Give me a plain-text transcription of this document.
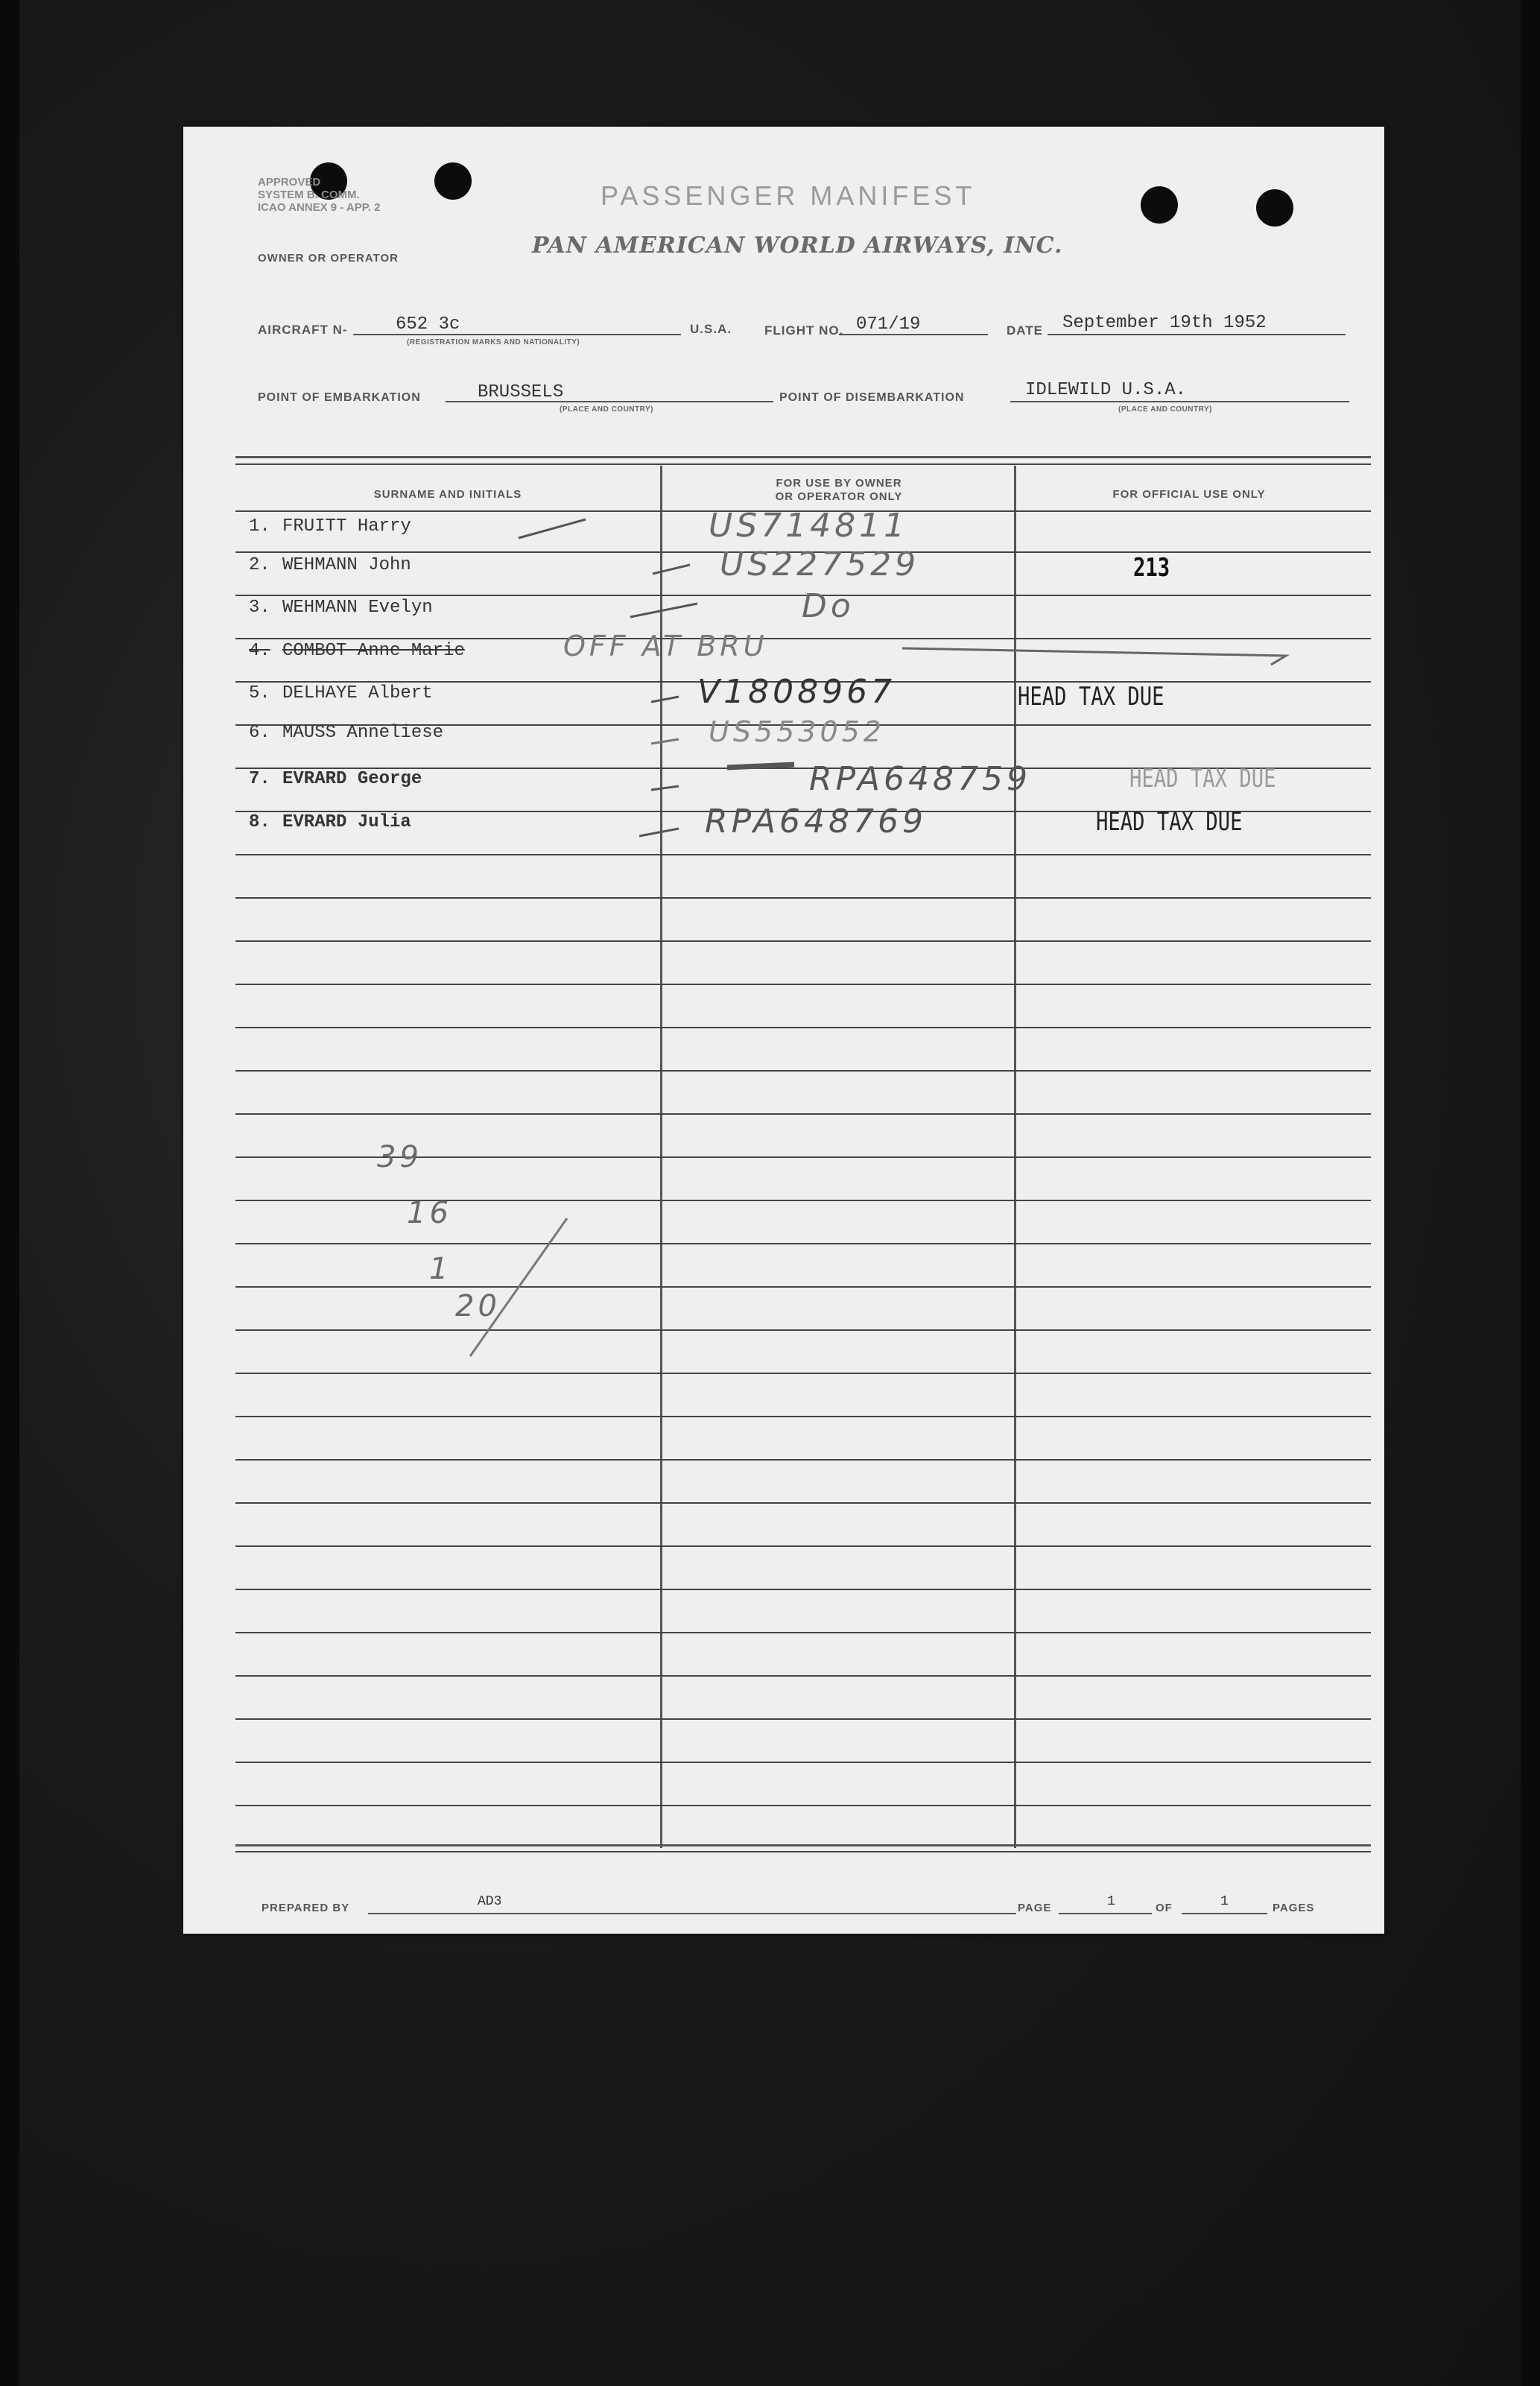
APPROVED
SYSTEM B. COMM.
ICAO ANNEX 9 - APP. 2
OWNER OR OPERATOR
PASSENGER MANIFEST
PAN AMERICAN WORLD AIRWAYS, INC.
AIRCRAFT N-	652 3c
(REGISTRATION MARKS AND NATIONALITY)
U.S.A.	FLIGHT NO. 071/19	DATE September 19th 1952
POINT OF EMBARKATION	BRUSSELS
(PLACE AND COUNTRY)
POINT OF DISEMBARKATION	IDLEWILD U.S.A.
(PLACE AND COUNTRY)
SURNAME AND INITIALS
FOR USE BY OWNER
OR OPERATOR ONLY	FOR OFFICIAL USE ONLY
1. FRUITT Harry	US714811
2. WEHMANN John	US227529	213
3. WEHMANN Evelyn	Do
4. COMBOT Anne Marie	OFF AT BRU
5. DELHAYE Albert	V1808967	HEAD TAX DUE
6. MAUSS Anneliese	US553052
7. EVRARD George	RPA648759	HEAD TAX DUE
8. EVRARD Julia	RPA648769	HEAD TAX DUE
39
16
1
20
PREPARED BY	AD3	PAGE	1	OF	1	PAGES
